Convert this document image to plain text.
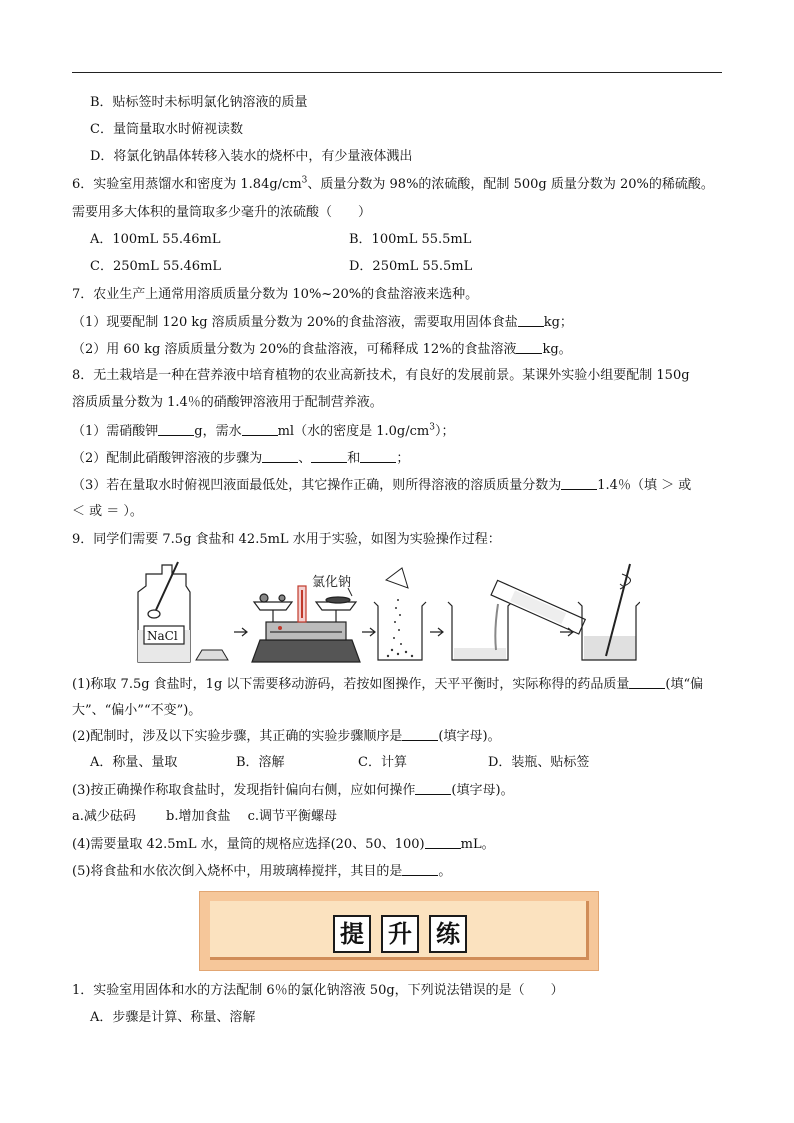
B．贴标签时未标明氯化钠溶液的质量
C．量筒量取水时俯视读数
D．将氯化钠晶体转移入装水的烧杯中，有少量液体溅出
6．实验室用蒸馏水和密度为 $1.84g/cm^3$、质量分数为 98%的浓硫酸，配制 500g 质量分数为 20%的稀硫酸。
需要用多大体积的量筒取多少毫升的浓硫酸（　　）
A．100mL 55.46mL	B．100mL 55.5mL
C．250mL 55.46mL	D．250mL 55.5mL
7．农业生产上通常用溶质质量分数为 10%~20%的食盐溶液来选种。
（1）现要配制 120 kg 溶质质量分数为 20%的食盐溶液，需要取用固体食盐 kg；
（2）用 60 kg 溶质质量分数为 20%的食盐溶液，可稀释成 12%的食盐溶液 kg。
8．无土栽培是一种在营养液中培育植物的农业高新技术，有良好的发展前景。某课外实验小组要配制 150g
溶质质量分数为 1.4％的硝酸钾溶液用于配制营养液。
（1）需硝酸钾	g，需水	ml（水的密度是 $1.0g/cm^3$）；
（2）配制此硝酸钾溶液的步骤为	、	和	；
（3）若在量取水时俯视凹液面最低处，其它操作正确，则所得溶液的溶质质量分数为	1.4％（填 ＞ 或
＜ 或 ＝ ）。
9．同学们需要 7.5g 食盐和 42.5mL 水用于实验，如图为实验操作过程：
NaCl
氯化钠
(1)称取 7.5g 食盐时，1g 以下需要移动游码，若按如图操作，天平平衡时，实际称得的药品质量	(填“偏
大”、“偏小”“不变”)。
(2)配制时，涉及以下实验步骤，其正确的实验步骤顺序是	(填字母)。
A．称量、量取	B．溶解	C．计算	D．装瓶、贴标签
(3)按正确操作称取食盐时，发现指针偏向右侧，应如何操作	(填字母)。
a.减少砝码　　 b.增加食盐　 c.调节平衡螺母
(4)需要量取 42.5mL 水，量筒的规格应选择(20、50、100)	mL。
(5)将食盐和水依次倒入烧杯中，用玻璃棒搅拌，其目的是	。
提 升 练
1．实验室用固体和水的方法配制 6％的氯化钠溶液 50g，下列说法错误的是（　　）
A．步骤是计算、称量、溶解
